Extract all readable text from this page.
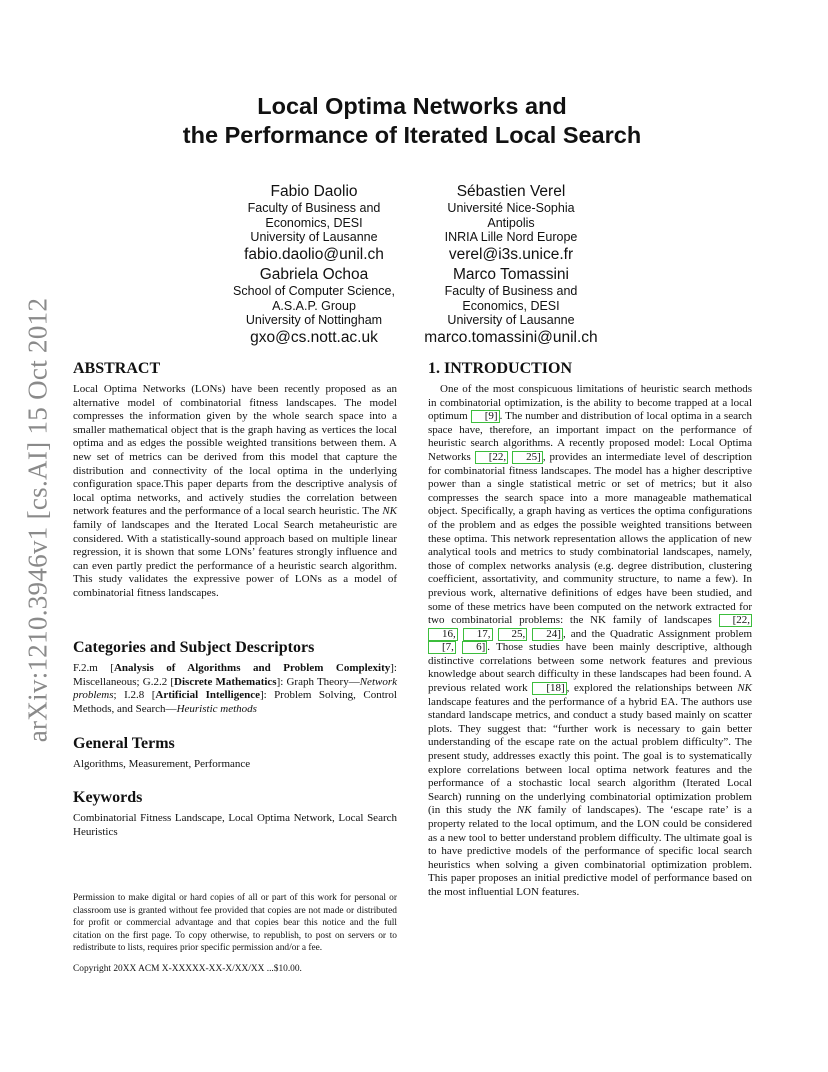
arXiv:1210.3946v1 [cs.AI] 15 Oct 2012
Local Optima Networks and
the Performance of Iterated Local Search
Fabio Daolio
Faculty of Business and
Economics, DESI
University of Lausanne
fabio.daolio@unil.ch
Sébastien Verel
Université Nice-Sophia
Antipolis
INRIA Lille Nord Europe
verel@i3s.unice.fr
Gabriela Ochoa
School of Computer Science,
A.S.A.P. Group
University of Nottingham
gxo@cs.nott.ac.uk
Marco Tomassini
Faculty of Business and
Economics, DESI
University of Lausanne
marco.tomassini@unil.ch
ABSTRACT
Local Optima Networks (LONs) have been recently proposed as an alternative model of combinatorial fitness landscapes. The model compresses the information given by the whole search space into a smaller mathematical object that is the graph having as vertices the local optima and as edges the possible weighted transitions between them. A new set of metrics can be derived from this model that capture the distribution and connectivity of the local optima in the underlying configuration space.This paper departs from the descriptive analysis of local optima networks, and actively studies the correlation between network features and the performance of a local search heuristic. The NK family of landscapes and the Iterated Local Search metaheuristic are considered. With a statistically-sound approach based on multiple linear regression, it is shown that some LONs’ features strongly influence and can even partly predict the performance of a heuristic search algorithm. This study validates the expressive power of LONs as a model of combinatorial fitness landscapes.
Categories and Subject Descriptors
F.2.m [Analysis of Algorithms and Problem Complexity]: Miscellaneous; G.2.2 [Discrete Mathematics]: Graph Theory—Network problems; I.2.8 [Artificial Intelligence]: Problem Solving, Control Methods, and Search—Heuristic methods
General Terms
Algorithms, Measurement, Performance
Keywords
Combinatorial Fitness Landscape, Local Optima Network, Local Search Heuristics
Permission to make digital or hard copies of all or part of this work for personal or classroom use is granted without fee provided that copies are not made or distributed for profit or commercial advantage and that copies bear this notice and the full citation on the first page. To copy otherwise, to republish, to post on servers or to redistribute to lists, requires prior specific permission and/or a fee.
Copyright 20XX ACM X-XXXXX-XX-X/XX/XX ...$10.00.
1. INTRODUCTION
One of the most conspicuous limitations of heuristic search methods in combinatorial optimization, is the ability to become trapped at a local optimum [9] . The number and distribution of local optima in a search space have, therefore, an important impact on the performance of heuristic search algorithms. A recently proposed model: Local Optima Networks [22, 25] , provides an intermediate level of description for combinatorial fitness landscapes. The model has a higher descriptive power than a single statistical metric or set of metrics; but it also compresses the search space into a more manageable mathematical object. Specifically, a graph having as vertices the optima configurations of the problem and as edges the possible weighted transitions between these optima. This network representation allows the application of new analytical tools and metrics to study combinatorial landscapes, namely, those of complex networks analysis (e.g. degree distribution, clustering coefficient, assortativity, and community structure, to name a few). In previous work, alternative definitions of edges have been studied, and some of these metrics have been computed on the network extracted for two combinatorial problems: the NK family of landscapes [22, 16, 17, 25, 24] , and the Quadratic Assignment problem [7, 6] . Those studies have been mainly descriptive, although distinctive correlations between some network features and previous knowledge about search difficulty in these landscapes had been found. A previous related work [18] , explored the relationships between NK landscape features and the performance of a hybrid EA. The authors use standard landscape metrics, and conduct a study based mainly on scatter plots. They suggest that: “further work is necessary to gain better understanding of the escape rate on the actual problem difficulty”. The present study, addresses exactly this point. The goal is to systematically explore correlations between local optima network features and the performance of a stochastic local search algorithm (Iterated Local Search) running on the underlying combinatorial optimization problem (in this study the NK family of landscapes). The ‘escape rate’ is a property related to the local optimum, and the LON could be considered as a new tool to better understand problem difficulty. The ultimate goal is to have predictive models of the performance of specific local search heuristics when solving a given combinatorial optimization problem. This paper proposes an initial predictive model of performance based on the most influential LON features.
